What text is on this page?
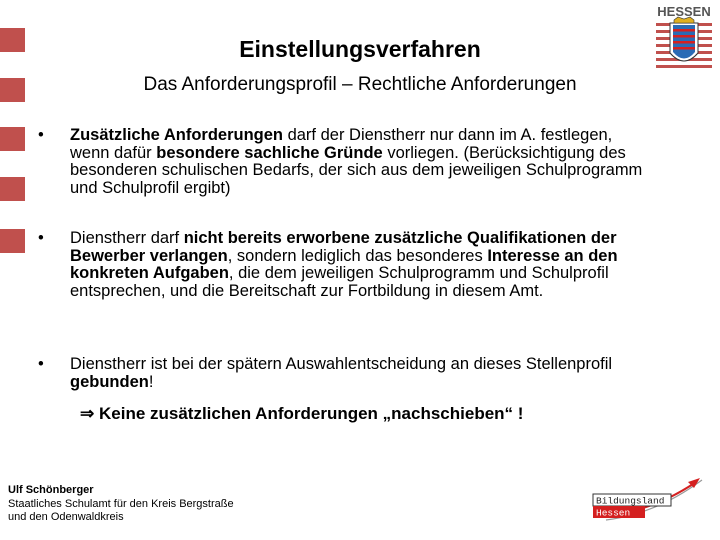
HESSEN
Einstellungsverfahren
Das Anforderungsprofil – Rechtliche Anforderungen
• Zusätzliche Anforderungen darf der Dienstherr nur dann im A. festlegen, wenn dafür besondere sachliche Gründe vorliegen. (Berücksichtigung des besonderen schulischen Bedarfs, der sich aus dem jeweiligen Schulprogramm und Schulprofil ergibt)
• Dienstherr darf nicht bereits erworbene zusätzliche Qualifikationen der Bewerber verlangen, sondern lediglich das besonderes Interesse an den konkreten Aufgaben, die dem jeweiligen Schulprogramm und Schulprofil entsprechen, und die Bereitschaft zur Fortbildung in diesem Amt.
• Dienstherr ist bei der spätern Auswahlentscheidung an dieses Stellenprofil gebunden!
⇒ Keine zusätzlichen Anforderungen „nachschieben“ !
Ulf Schönberger
Staatliches Schulamt für den Kreis Bergstraße
und den Odenwaldkreis
Bildungsland
Hessen
